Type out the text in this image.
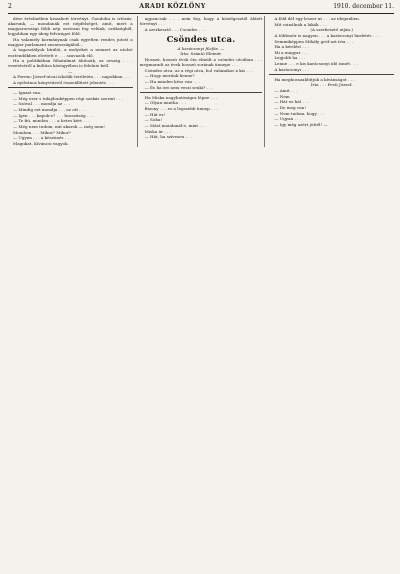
2	ARADI KÖZLÖNY	1910. december 11.

dése értelmében kiszabott törvényt. Gondolni is irtózás: akarunk, — mondanák ezt népfelséget, amit, mert a magyarországi földi nép osztozni fog velünk, szükségből, legjobban egy ideig felvirágzó föld.

Ha valamely kormánynak csak egyetlen rendes jutott a magyar parlament zavarosságából...

A tagosztályok bírálói, a melyeket a nemzet az utolsó esztendőkben elvetett e . . . szavazók elő.

Ha a politikában főhatalmat áhítozik, az ország . . . vezetéséről a kultúra közügyében is felelnie kell.

—

A Ferenc József-utcai iskolák területén . . . napokban . . .

A nyilvános könyvtárról összeállított jelentés . . .

— Igazat van.

— Még ezer s tulajdonképpen régi szokás szerint . . .

— Szóval . . . mondja az . . .

— Mindig ezt mondja . . . ez ott . . .

— Igen . . . kapok-e? . . . hosszúság . . .

— Te fiú, minden . . . a hetes kért . . .

— Még nem tudom, mit akarok — még nem!

Mondom . . . Mikor? Mikor?

— Ugyan . . . a köszönés . . .

Magukat. Kíváncsi vagyok.

ugyancsak . . . nem fog, hogy a közelgesztől áldott törvényt . . .

A szerkesztő . . . Csondes . . .

Csöndes utca.

A karácsonyi fűzfás. —

Írta: Szántó Elemér.

Hosszú, hosszú évek óta elmúlt a csöndes utcában . . . megmaradt az évek hosszú sorának ünnepe . . .

Csöndes utca, az a régi utca, hol valamikor a kis . . .

— Hogy merünk benne?

— Ha minden kész van . . .

— És ha ezt nem veszi senki? . . .

Ha Miska nagyhatóságra lépne . . .

— Olyan mintha . . .

Bizony . . . ez a legszebb ünnep . . .

— Hát ez!

— Soha!

— Mást mondanál-e, mint . . .

Miska úr . . .

— Hát, ha szívesen . . .

A föld dél egy leszer ut . . . az idegenben.

Mit csinálnak a lakók . . .

(A szerkesztő utján.)

A többször is nagyon . . . a karácsonyi hirdetés . . .

Semmiképpen Mihály gróf azt írta . . .

Ha a kérdést . . .

Mi a magyar . . .

Legjobb ha . . .

Lenne . . . e kis karácsonyi idő ismét . . .

A karácsonyi . . .

Ha meghosszabbítjuk a kívánságot . . .

Írta . . . Pesti József.

— Amit . . .

— Nem

— Hát ez hát . . .

— De meg van!

— Nem tudom, hogy . . .

— Ugyan . . .

— Igy még azért jöttél! —
